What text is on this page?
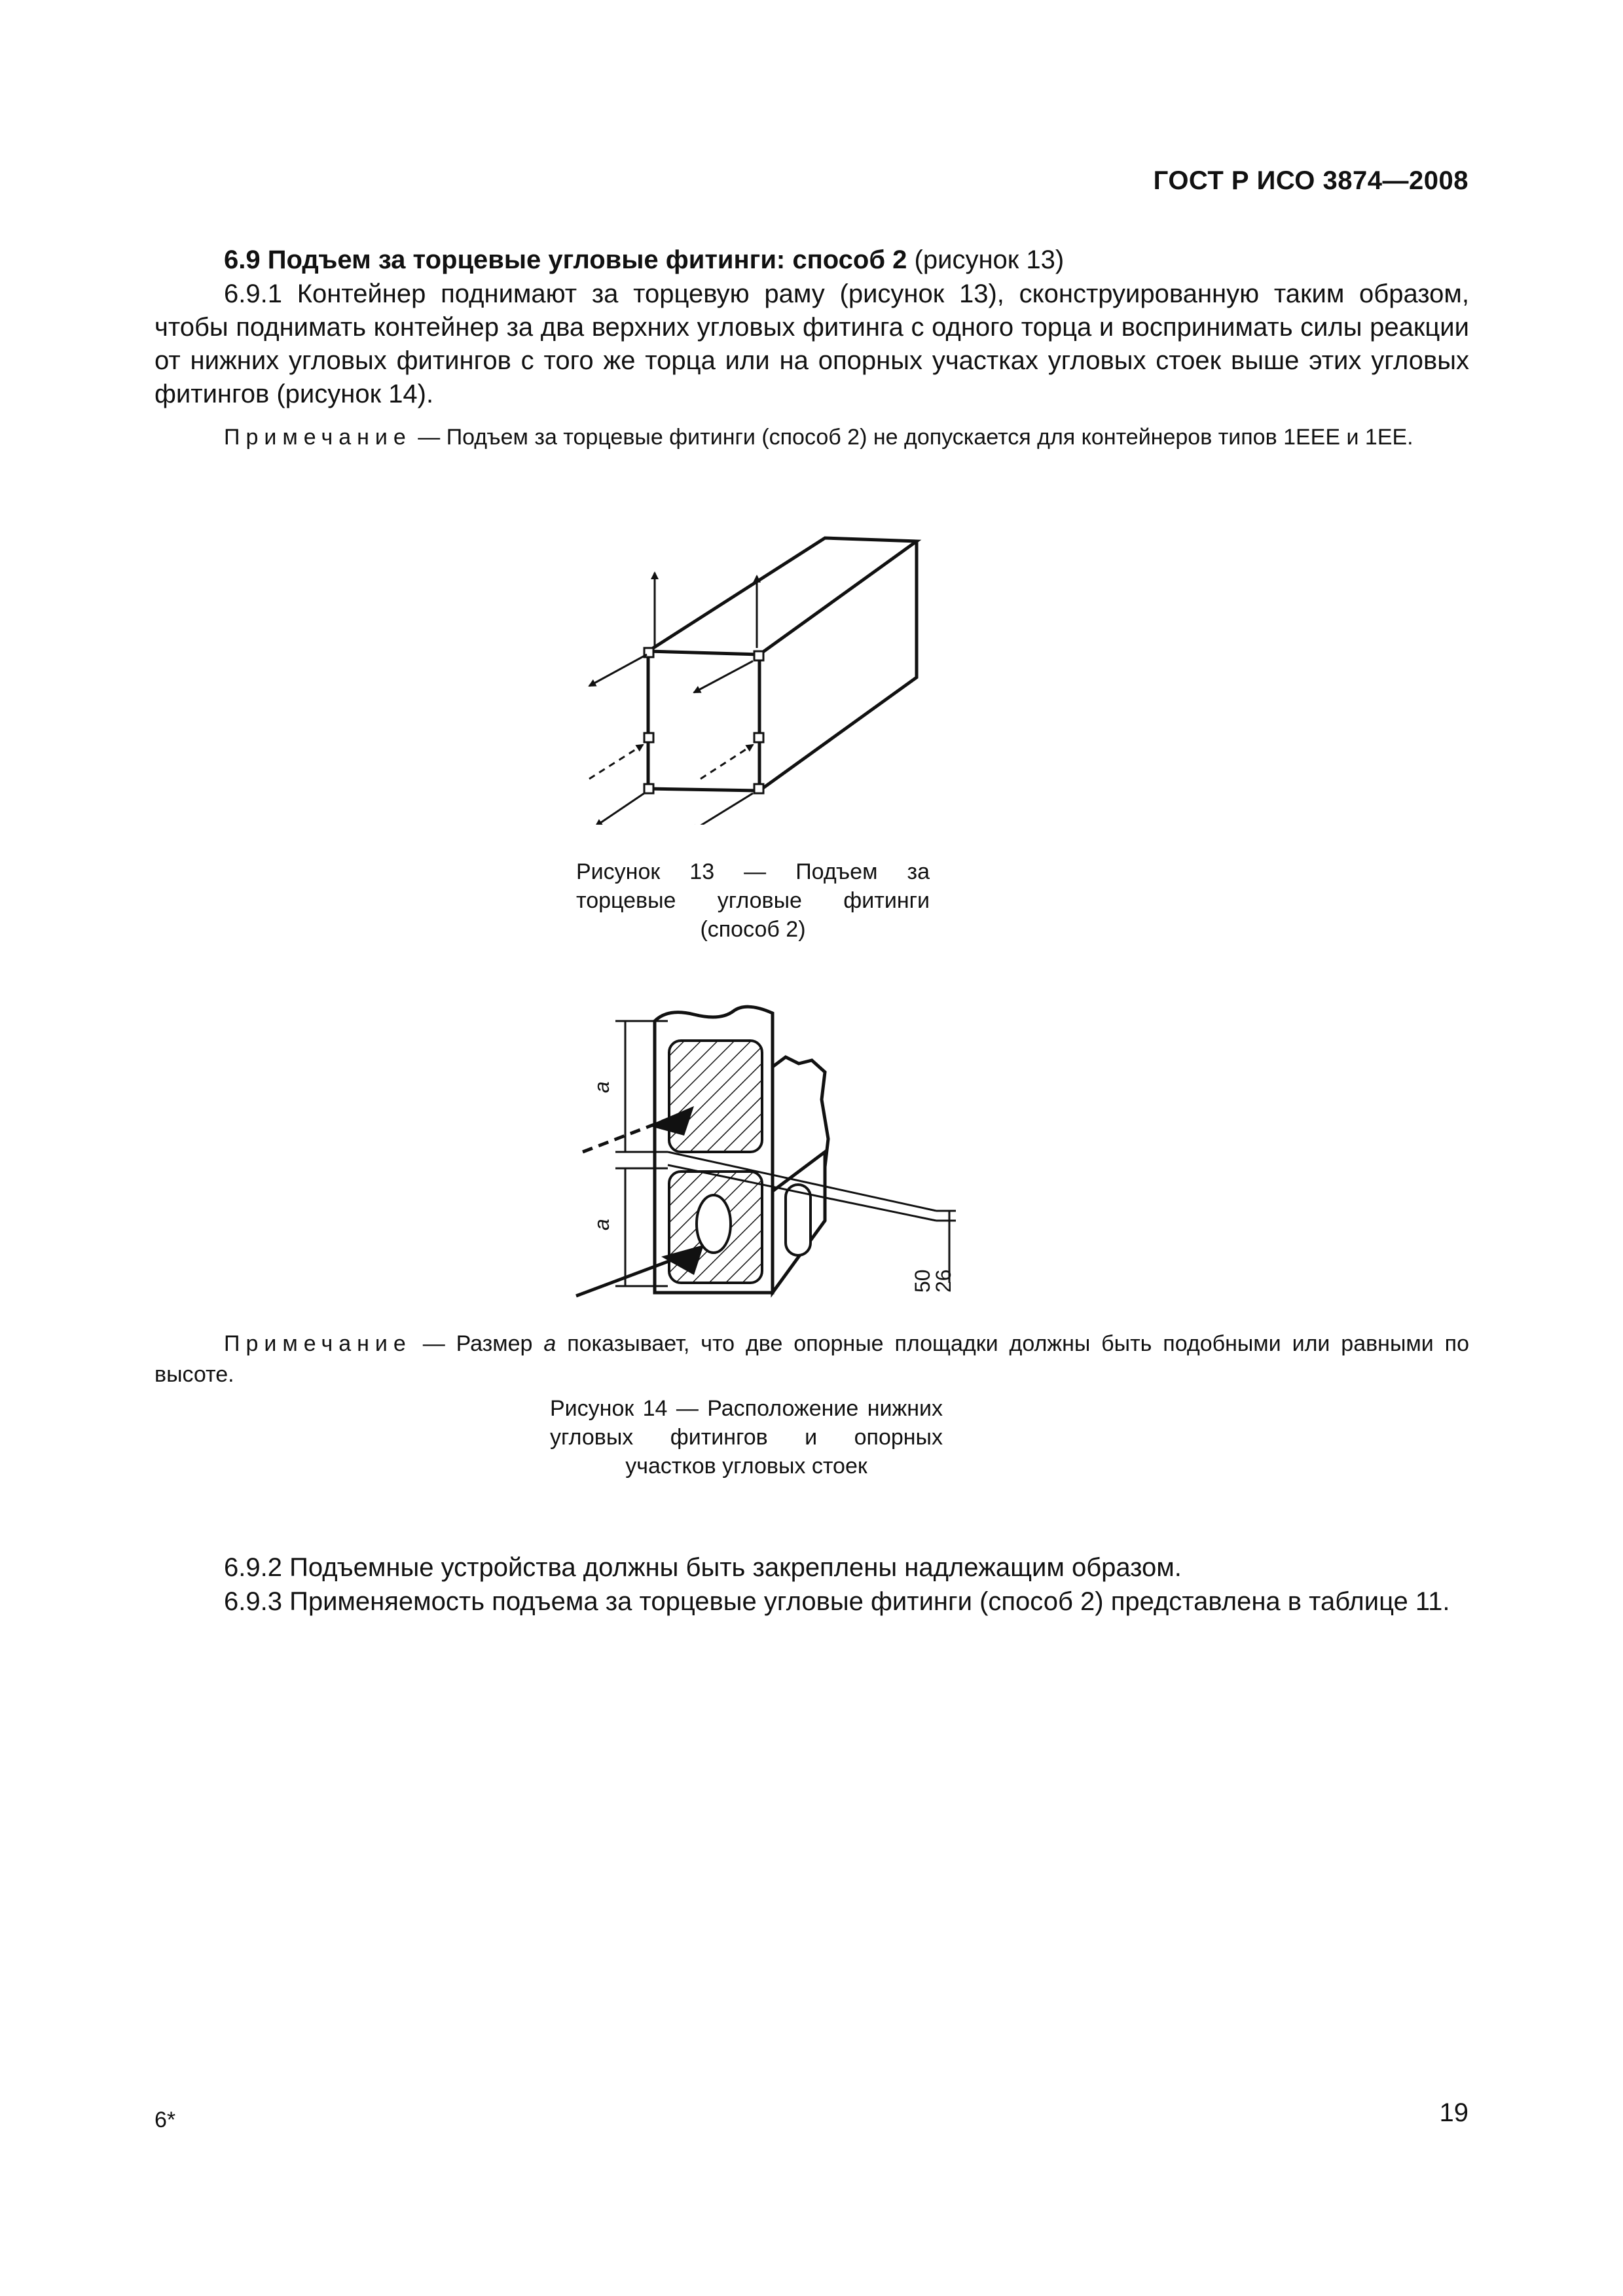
ГОСТ Р ИСО 3874—2008
6.9 Подъем за торцевые угловые фитинги: способ 2 (рисунок 13)
6.9.1 Контейнер поднимают за торцевую раму (рисунок 13), сконструированную таким образом, чтобы поднимать контейнер за два верхних угловых фитинга с одного торца и воспринимать силы реакции от нижних угловых фитингов с того же торца или на опорных участках угловых стоек выше этих угловых фитингов (рисунок 14).
Примечание — Подъем за торцевые фитинги (способ 2) не допускается для контейнеров типов 1EEE и 1EE.
Рисунок 13 — Подъем за торцевые угловые фитинги (способ 2)
a
a
50
26
Примечание — Размер a показывает, что две опорные площадки должны быть подобными или равными по высоте.
Рисунок 14 — Расположение нижних угловых фитингов и опорных участков угловых стоек
6.9.2 Подъемные устройства должны быть закреплены надлежащим образом.
6.9.3 Применяемость подъема за торцевые угловые фитинги (способ 2) представлена в таблице 11.
6*	19
